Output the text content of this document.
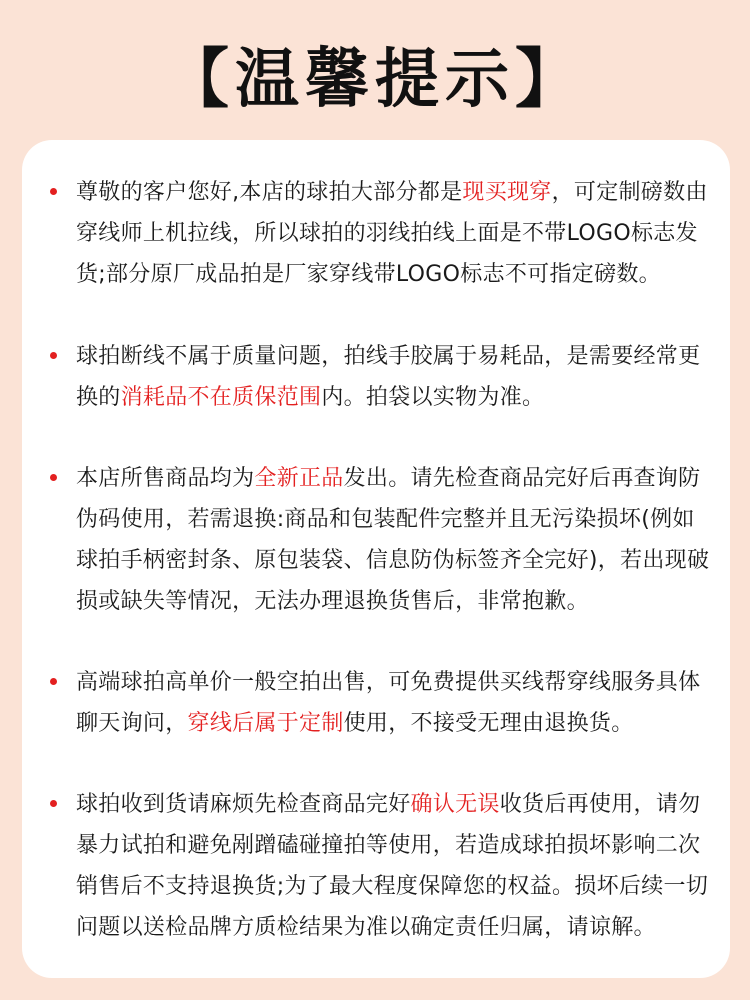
【温馨提示】
尊敬的客户您好,本店的球拍大部分都是现买现穿，可定制磅数由穿线师上机拉线，所以球拍的羽线拍线上面是不带LOGO标志发货;部分原厂成品拍是厂家穿线带LOGO标志不可指定磅数。
球拍断线不属于质量问题，拍线手胶属于易耗品，是需要经常更换的消耗品不在质保范围内。拍袋以实物为准。
本店所售商品均为全新正品发出。请先检查商品完好后再查询防伪码使用，若需退换:商品和包装配件完整并且无污染损坏(例如球拍手柄密封条、原包装袋、信息防伪标签齐全完好)，若出现破损或缺失等情况，无法办理退换货售后，非常抱歉。
高端球拍高单价一般空拍出售，可免费提供买线帮穿线服务具体聊天询问，穿线后属于定制使用，不接受无理由退换货。
球拍收到货请麻烦先检查商品完好确认无误收货后再使用，请勿暴力试拍和避免剐蹭磕碰撞拍等使用，若造成球拍损坏影响二次销售后不支持退换货;为了最大程度保障您的权益。损坏后续一切问题以送检品牌方质检结果为准以确定责任归属，请谅解。
